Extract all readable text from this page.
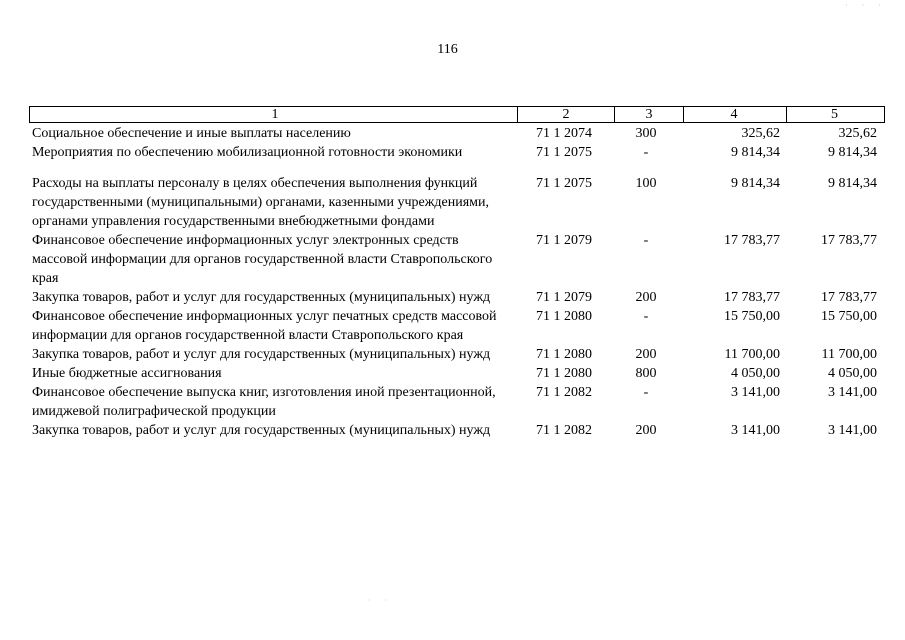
116
1	2	3	4	5
Социальное обеспечение и иные выплаты населению	71 1 2074	300	325,62	325,62
Мероприятия по обеспечению мобилизационной готовности экономики	71 1 2075	-	9 814,34	9 814,34

Расходы на выплаты персоналу в целях обеспечения выполнения функций государственными (муниципальными) органами, казенными учреждениями, органами управления государственными внебюджетными фондами	71 1 2075	100	9 814,34	9 814,34
Финансовое обеспечение информационных услуг электронных средств массовой информации для органов государственной власти Ставропольского края	71 1 2079	-	17 783,77	17 783,77
Закупка товаров, работ и услуг для государственных (муниципальных) нужд	71 1 2079	200	17 783,77	17 783,77
Финансовое обеспечение информационных услуг печатных средств массовой информации для органов государственной власти Ставропольского края	71 1 2080	-	15 750,00	15 750,00
Закупка товаров, работ и услуг для государственных (муниципальных) нужд	71 1 2080	200	11 700,00	11 700,00
Иные бюджетные ассигнования	71 1 2080	800	4 050,00	4 050,00
Финансовое обеспечение выпуска книг, изготовления иной презентационной, имиджевой полиграфической продукции	71 1 2082	-	3 141,00	3 141,00
Закупка товаров, работ и услуг для государственных (муниципальных) нужд	71 1 2082	200	3 141,00	3 141,00
· · ·
· ·
